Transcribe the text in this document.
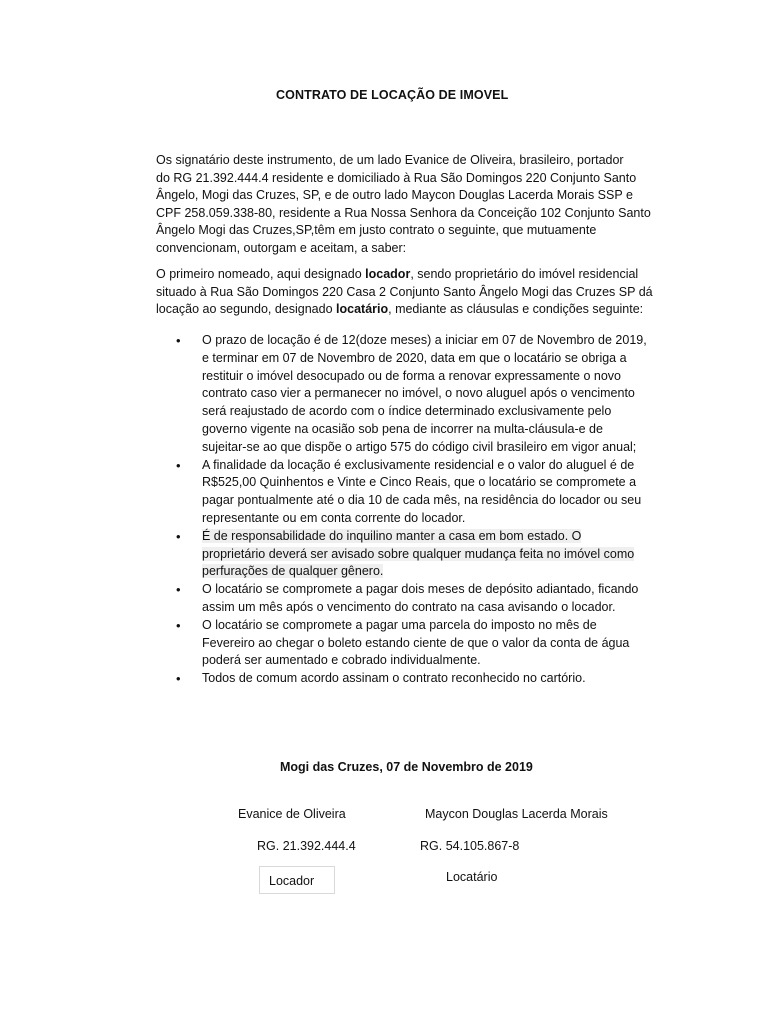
CONTRATO DE LOCAÇÃO DE IMOVEL
Os signatário deste instrumento, de um lado Evanice de Oliveira, brasileiro, portador
do RG 21.392.444.4 residente e domiciliado à Rua São Domingos 220 Conjunto Santo
Ângelo, Mogi das Cruzes, SP, e de outro lado Maycon Douglas Lacerda Morais SSP e
CPF 258.059.338-80, residente a Rua Nossa Senhora da Conceição 102 Conjunto Santo
Ângelo Mogi das Cruzes,SP,têm em justo contrato o seguinte, que mutuamente
convencionam, outorgam e aceitam, a saber:
O primeiro nomeado, aqui designado locador, sendo proprietário do imóvel residencial
situado à Rua São Domingos 220 Casa 2 Conjunto Santo Ângelo Mogi das Cruzes SP dá
locação ao segundo, designado locatário, mediante as cláusulas e condições seguinte:
• O prazo de locação é de 12(doze meses) a iniciar em 07 de Novembro de 2019,
e terminar em 07 de Novembro de 2020, data em que o locatário se obriga a
restituir o imóvel desocupado ou de forma a renovar expressamente o novo
contrato caso vier a permanecer no imóvel, o novo aluguel após o vencimento
será reajustado de acordo com o índice determinado exclusivamente pelo
governo vigente na ocasião sob pena de incorrer na multa-cláusula-e de
sujeitar-se ao que dispõe o artigo 575 do código civil brasileiro em vigor anual;
• A finalidade da locação é exclusivamente residencial e o valor do aluguel é de
R$525,00 Quinhentos e Vinte e Cinco Reais, que o locatário se compromete a
pagar pontualmente até o dia 10 de cada mês, na residência do locador ou seu
representante ou em conta corrente do locador.
• É de responsabilidade do inquilino manter a casa em bom estado. O
proprietário deverá ser avisado sobre qualquer mudança feita no imóvel como
perfurações de qualquer gênero.
• O locatário se compromete a pagar dois meses de depósito adiantado, ficando
assim um mês após o vencimento do contrato na casa avisando o locador.
• O locatário se compromete a pagar uma parcela do imposto no mês de
Fevereiro ao chegar o boleto estando ciente de que o valor da conta de água
poderá ser aumentado e cobrado individualmente.
• Todos de comum acordo assinam o contrato reconhecido no cartório.
Mogi das Cruzes, 07 de Novembro de 2019
Evanice de Oliveira	Maycon Douglas Lacerda Morais
RG. 21.392.444.4	RG. 54.105.867-8
Locador	Locatário
